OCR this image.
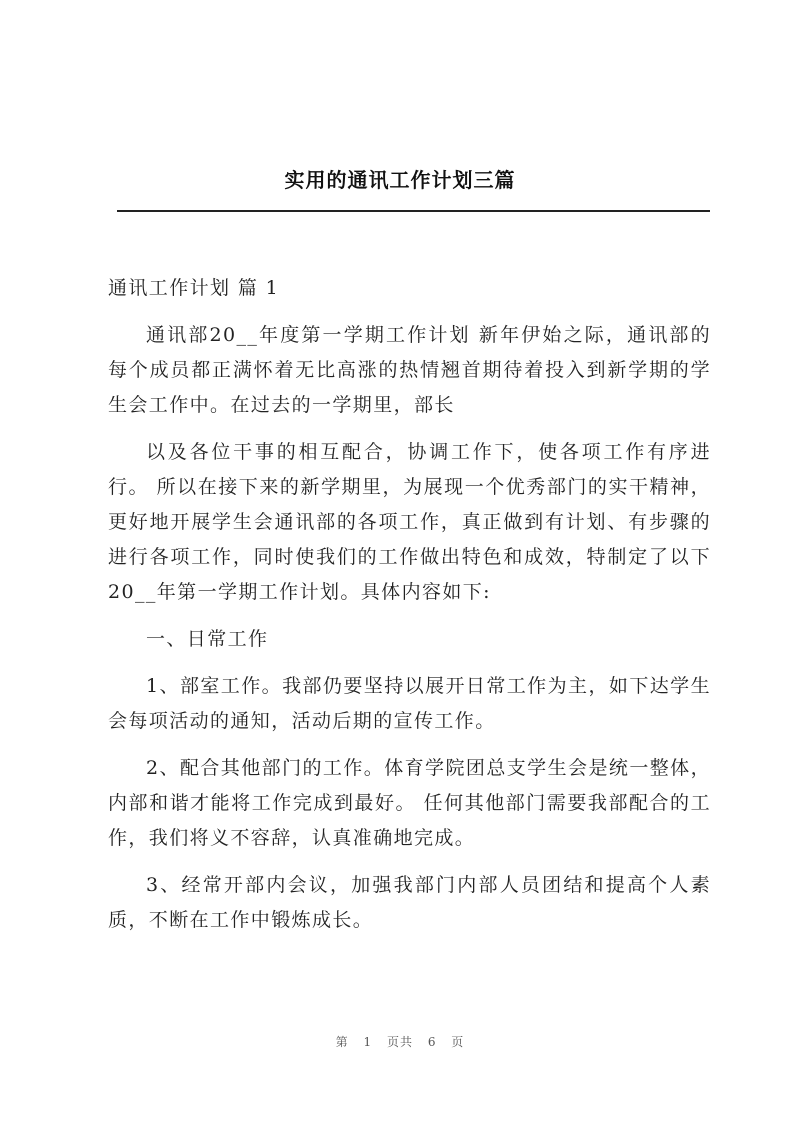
实用的通讯工作计划三篇

通讯工作计划 篇 1

通讯部20__年度第一学期工作计划 新年伊始之际，通讯部的每个成员都正满怀着无比高涨的热情翘首期待着投入到新学期的学生会工作中。在过去的一学期里，部长

以及各位干事的相互配合，协调工作下，使各项工作有序进行。 所以在接下来的新学期里，为展现一个优秀部门的实干精神，更好地开展学生会通讯部的各项工作，真正做到有计划、有步骤的进行各项工作，同时使我们的工作做出特色和成效，特制定了以下20__年第一学期工作计划。具体内容如下:

一、日常工作

1、部室工作。我部仍要坚持以展开日常工作为主，如下达学生会每项活动的通知，活动后期的宣传工作。

2、配合其他部门的工作。体育学院团总支学生会是统一整体，内部和谐才能将工作完成到最好。 任何其他部门需要我部配合的工作，我们将义不容辞，认真准确地完成。

3、经常开部内会议，加强我部门内部人员团结和提高个人素质，不断在工作中锻炼成长。

第 1 页共 6 页
